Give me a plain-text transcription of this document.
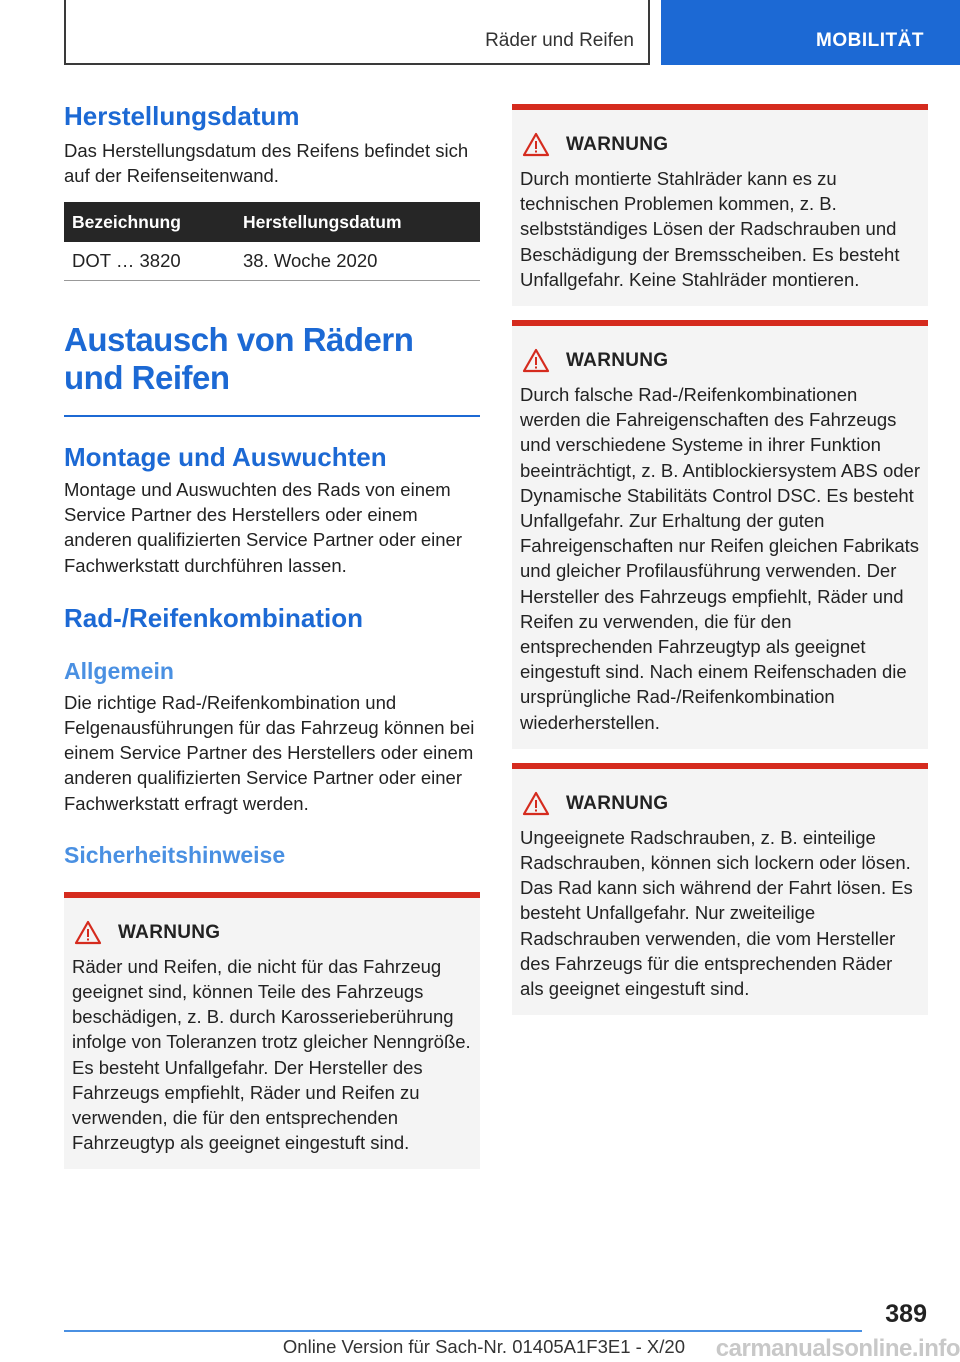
Räder und Reifen	MOBILITÄT
Herstellungsdatum

Das Herstellungsdatum des Reifens befindet sich auf der Reifenseitenwand.

Bezeichnung	Herstellungsdatum
DOT … 3820	38. Woche 2020
Austausch von Rädern und Reifen
Montage und Auswuchten

Montage und Auswuchten des Rads von einem Service Partner des Herstellers oder einem anderen qualifizierten Service Partner oder einer Fachwerkstatt durchführen lassen.

Rad-/Reifenkombination
Allgemein

Die richtige Rad-/Reifenkombination und Felgenausführungen für das Fahrzeug können bei einem Service Partner des Herstellers oder einem anderen qualifizierten Service Partner oder einer Fachwerkstatt erfragt werden.

Sicherheitshinweise
WARNUNG

Räder und Reifen, die nicht für das Fahrzeug geeignet sind, können Teile des Fahrzeugs beschädigen, z. B. durch Karosserieberührung infolge von Toleranzen trotz gleicher Nenngröße. Es besteht Unfallgefahr. Der Hersteller des Fahrzeugs empfiehlt, Räder und Reifen zu verwenden, die für den entsprechenden Fahrzeugtyp als geeignet eingestuft sind.

WARNUNG

Durch montierte Stahlräder kann es zu technischen Problemen kommen, z. B. selbstständiges Lösen der Radschrauben und Beschädigung der Bremsscheiben. Es besteht Unfallgefahr. Keine Stahlräder montieren.

WARNUNG

Durch falsche Rad-/Reifenkombinationen werden die Fahreigenschaften des Fahrzeugs und verschiedene Systeme in ihrer Funktion beeinträchtigt, z. B. Antiblockiersystem ABS oder Dynamische Stabilitäts Control DSC. Es besteht Unfallgefahr. Zur Erhaltung der guten Fahreigenschaften nur Reifen gleichen Fabrikats und gleicher Profilausführung verwenden. Der Hersteller des Fahrzeugs empfiehlt, Räder und Reifen zu verwenden, die für den entsprechenden Fahrzeugtyp als geeignet eingestuft sind. Nach einem Reifenschaden die ursprüngliche Rad-/Reifenkombination wiederherstellen.

WARNUNG

Ungeeignete Radschrauben, z. B. einteilige Radschrauben, können sich lockern oder lösen. Das Rad kann sich während der Fahrt lösen. Es besteht Unfallgefahr. Nur zweiteilige Radschrauben verwenden, die vom Hersteller des Fahrzeugs für die entsprechenden Räder als geeignet eingestuft sind.

389
Online Version für Sach-Nr. 01405A1F3E1 - X/20 carmanualsonline.info
